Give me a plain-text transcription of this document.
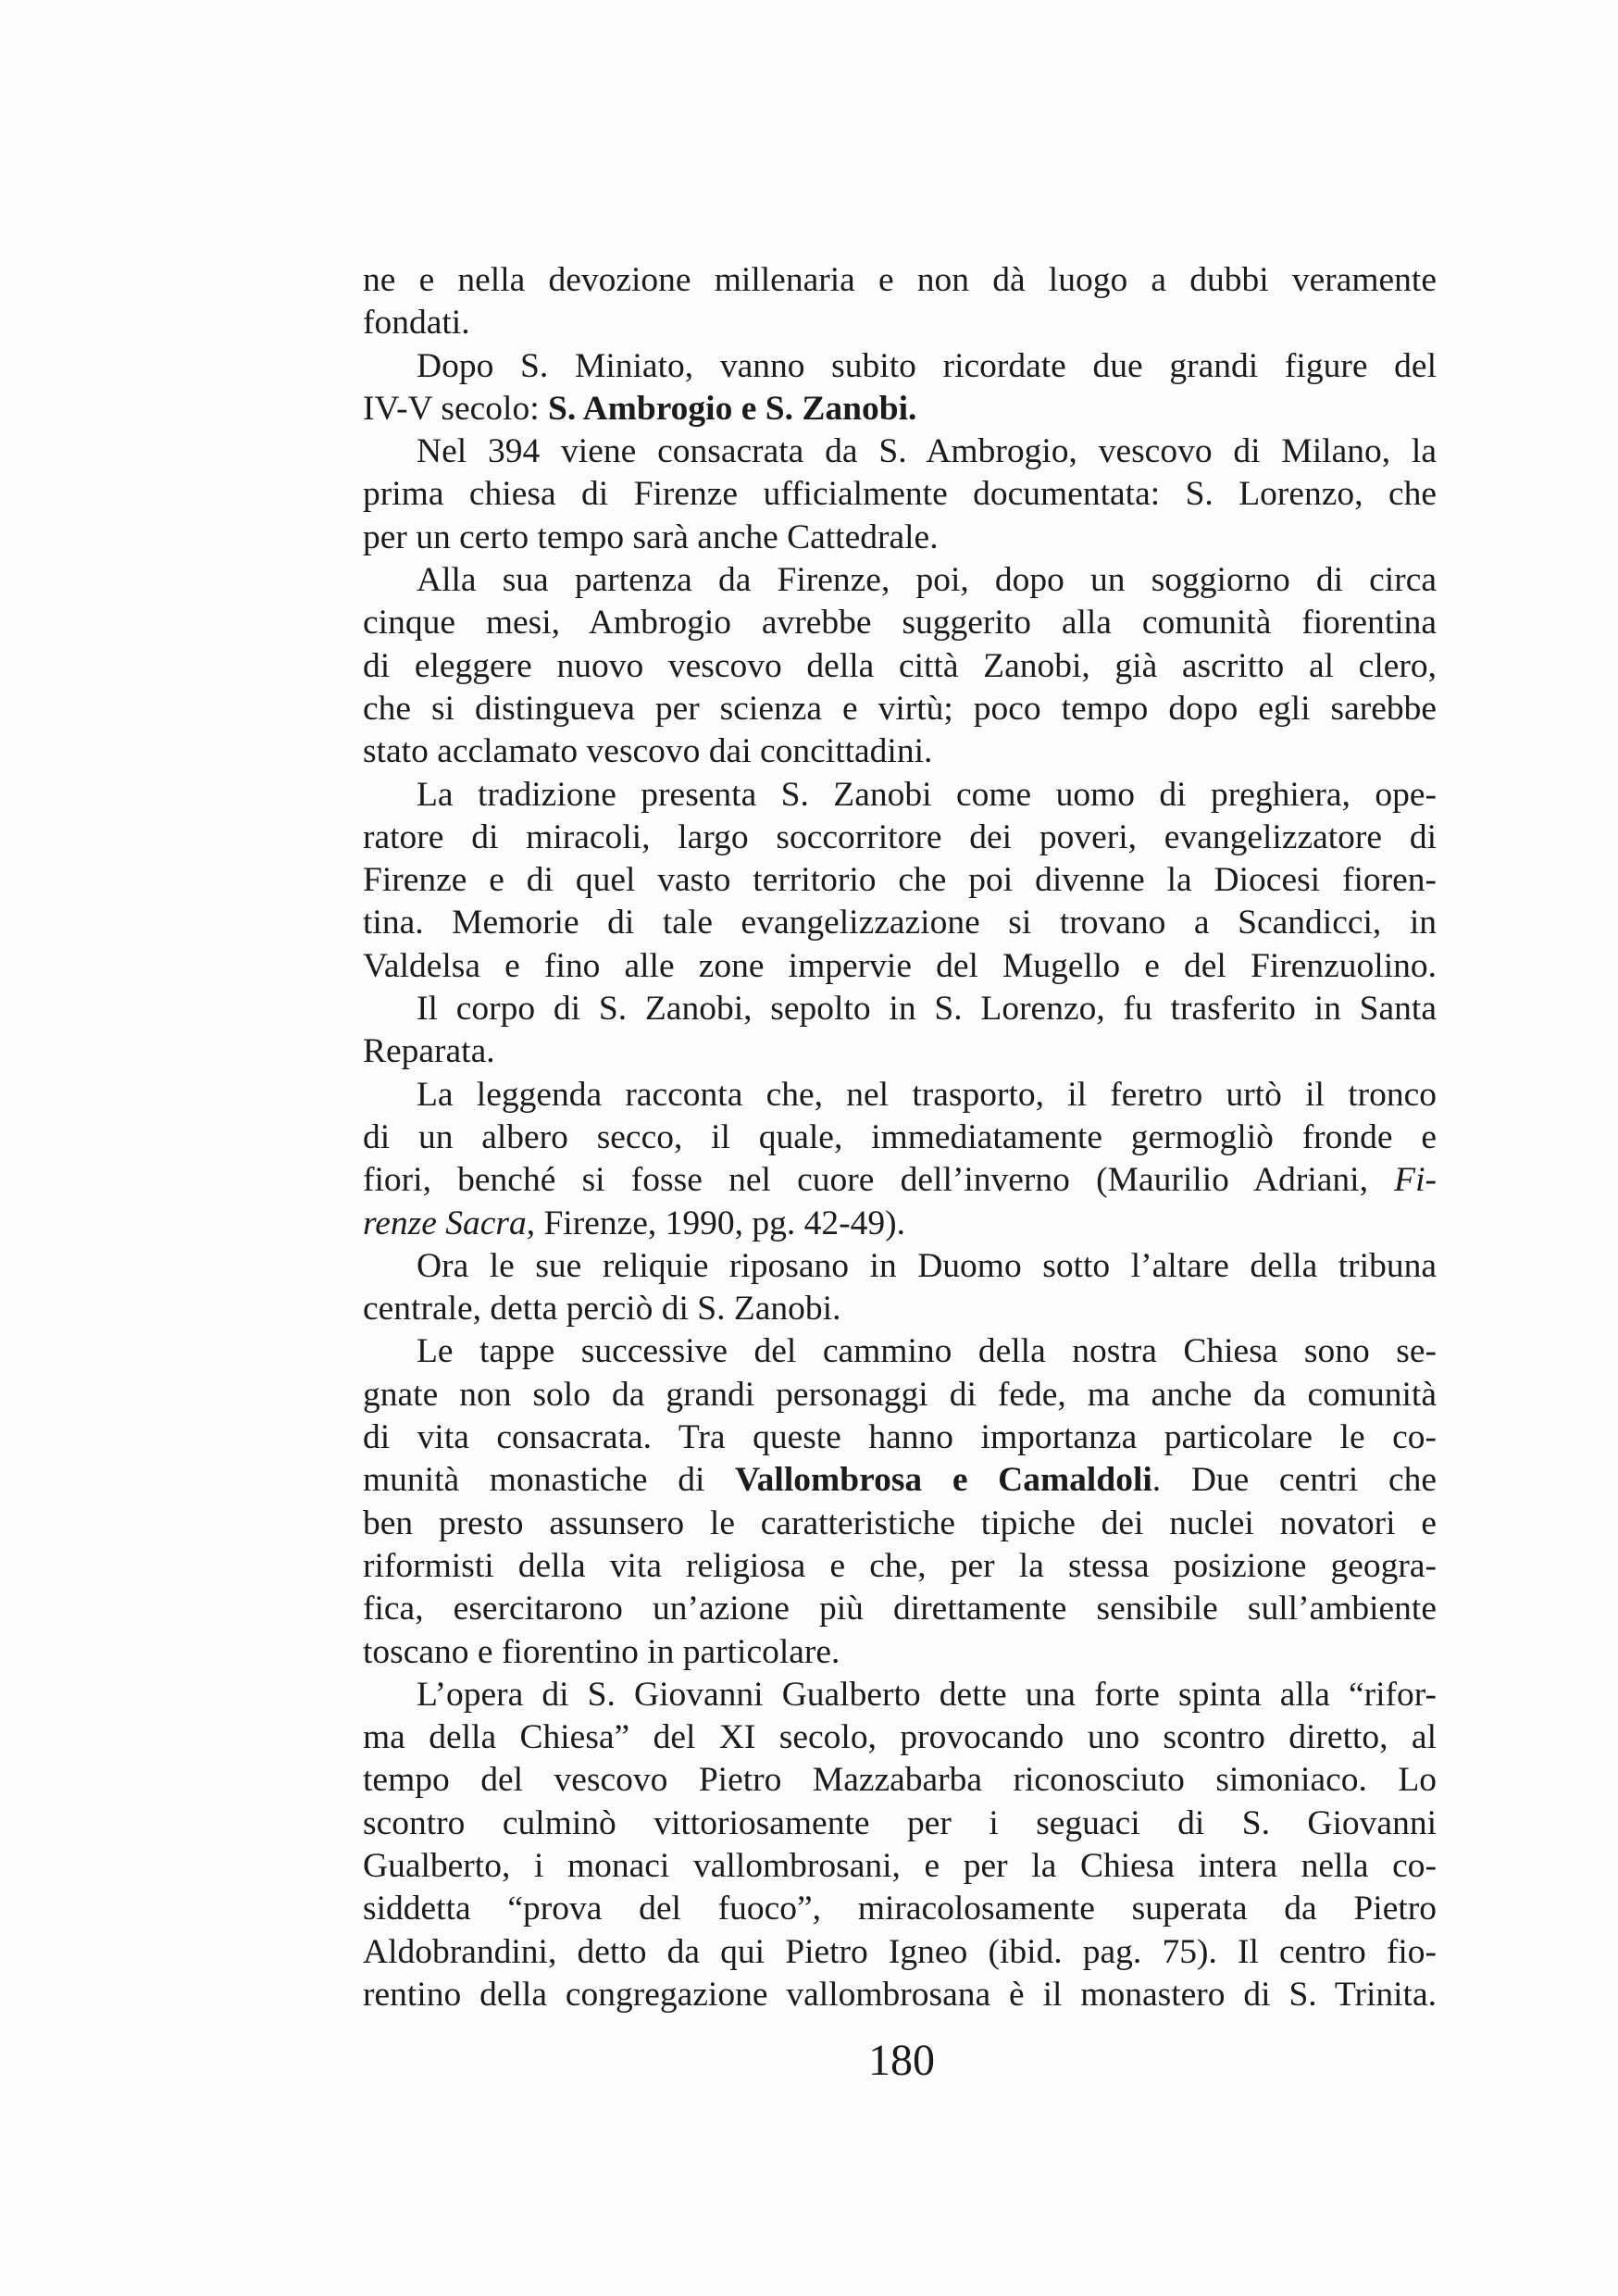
ne e nella devozione millenaria e non dà luogo a dubbi veramente
fondati.
Dopo S. Miniato, vanno subito ricordate due grandi figure del
IV-V secolo: S. Ambrogio e S. Zanobi.
Nel 394 viene consacrata da S. Ambrogio, vescovo di Milano, la
prima chiesa di Firenze ufficialmente documentata: S. Lorenzo, che
per un certo tempo sarà anche Cattedrale.
Alla sua partenza da Firenze, poi, dopo un soggiorno di circa
cinque mesi, Ambrogio avrebbe suggerito alla comunità fiorentina
di eleggere nuovo vescovo della città Zanobi, già ascritto al clero,
che si distingueva per scienza e virtù; poco tempo dopo egli sarebbe
stato acclamato vescovo dai concittadini.
La tradizione presenta S. Zanobi come uomo di preghiera, ope-
ratore di miracoli, largo soccorritore dei poveri, evangelizzatore di
Firenze e di quel vasto territorio che poi divenne la Diocesi fioren-
tina. Memorie di tale evangelizzazione si trovano a Scandicci, in
Valdelsa e fino alle zone impervie del Mugello e del Firenzuolino.
Il corpo di S. Zanobi, sepolto in S. Lorenzo, fu trasferito in Santa
Reparata.
La leggenda racconta che, nel trasporto, il feretro urtò il tronco
di un albero secco, il quale, immediatamente germogliò fronde e
fiori, benché si fosse nel cuore dell’inverno (Maurilio Adriani, Fi-
renze Sacra, Firenze, 1990, pg. 42-49).
Ora le sue reliquie riposano in Duomo sotto l’altare della tribuna
centrale, detta perciò di S. Zanobi.
Le tappe successive del cammino della nostra Chiesa sono se-
gnate non solo da grandi personaggi di fede, ma anche da comunità
di vita consacrata. Tra queste hanno importanza particolare le co-
munità monastiche di Vallombrosa e Camaldoli. Due centri che
ben presto assunsero le caratteristiche tipiche dei nuclei novatori e
riformisti della vita religiosa e che, per la stessa posizione geogra-
fica, esercitarono un’azione più direttamente sensibile sull’ambiente
toscano e fiorentino in particolare.
L’opera di S. Giovanni Gualberto dette una forte spinta alla “rifor-
ma della Chiesa” del XI secolo, provocando uno scontro diretto, al
tempo del vescovo Pietro Mazzabarba riconosciuto simoniaco. Lo
scontro culminò vittoriosamente per i seguaci di S. Giovanni
Gualberto, i monaci vallombrosani, e per la Chiesa intera nella co-
siddetta “prova del fuoco”, miracolosamente superata da Pietro
Aldobrandini, detto da qui Pietro Igneo (ibid. pag. 75). Il centro fio-
rentino della congregazione vallombrosana è il monastero di S. Trinita.
180
